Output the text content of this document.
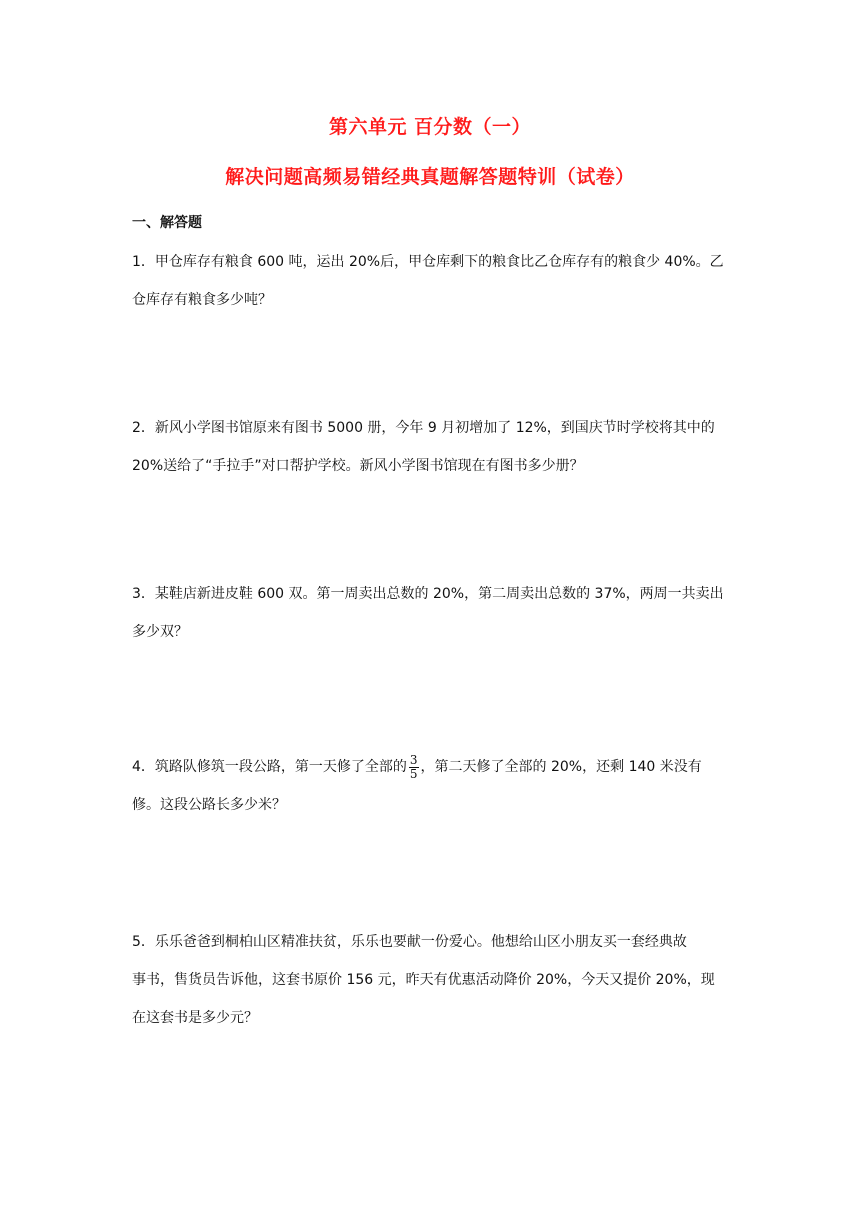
第六单元 百分数（一）
解决问题高频易错经典真题解答题特训（试卷）
一、解答题
1．甲仓库存有粮食 600 吨，运出 20%后，甲仓库剩下的粮食比乙仓库存有的粮食少 40%。乙
仓库存有粮食多少吨？
2．新风小学图书馆原来有图书 5000 册，今年 9 月初增加了 12%，到国庆节时学校将其中的
20%送给了“手拉手”对口帮护学校。新风小学图书馆现在有图书多少册？
3．某鞋店新进皮鞋 600 双。第一周卖出总数的 20%，第二周卖出总数的 37%，两周一共卖出
多少双？
4．筑路队修筑一段公路，第一天修了全部的 $\frac{3}{5}$ ，第二天修了全部的 20%，还剩 140 米没有
修。这段公路长多少米？
5．乐乐爸爸到桐柏山区精准扶贫，乐乐也要献一份爱心。他想给山区小朋友买一套经典故
事书，售货员告诉他，这套书原价 156 元，昨天有优惠活动降价 20%，今天又提价 20%，现
在这套书是多少元？
